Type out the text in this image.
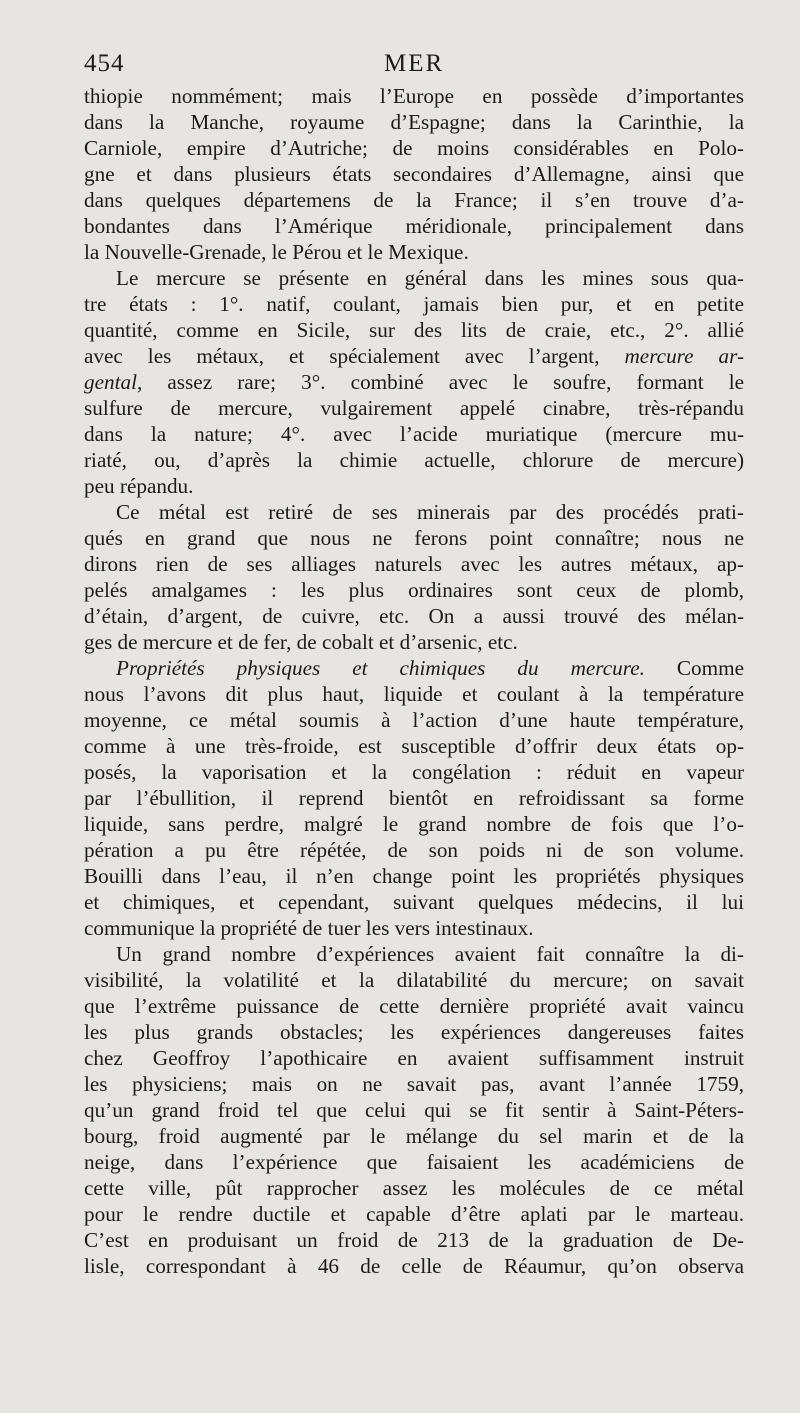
454	MER
thiopie nommément; mais l’Europe en possède d’importantes
dans la Manche, royaume d’Espagne; dans la Carinthie, la
Carniole, empire d’Autriche; de moins considérables en Polo-
gne et dans plusieurs états secondaires d’Allemagne, ainsi que
dans quelques départemens de la France; il s’en trouve d’a-
bondantes dans l’Amérique méridionale, principalement dans
la Nouvelle-Grenade, le Pérou et le Mexique.
Le mercure se présente en général dans les mines sous qua-
tre états : 1°. natif, coulant, jamais bien pur, et en petite
quantité, comme en Sicile, sur des lits de craie, etc., 2°. allié
avec les métaux, et spécialement avec l’argent, mercure ar-
gental, assez rare; 3°. combiné avec le soufre, formant le
sulfure de mercure, vulgairement appelé cinabre, très-répandu
dans la nature; 4°. avec l’acide muriatique (mercure mu-
riaté, ou, d’après la chimie actuelle, chlorure de mercure)
peu répandu.
Ce métal est retiré de ses minerais par des procédés prati-
qués en grand que nous ne ferons point connaître; nous ne
dirons rien de ses alliages naturels avec les autres métaux, ap-
pelés amalgames : les plus ordinaires sont ceux de plomb,
d’étain, d’argent, de cuivre, etc. On a aussi trouvé des mélan-
ges de mercure et de fer, de cobalt et d’arsenic, etc.
Propriétés physiques et chimiques du mercure. Comme
nous l’avons dit plus haut, liquide et coulant à la température
moyenne, ce métal soumis à l’action d’une haute température,
comme à une très-froide, est susceptible d’offrir deux états op-
posés, la vaporisation et la congélation : réduit en vapeur
par l’ébullition, il reprend bientôt en refroidissant sa forme
liquide, sans perdre, malgré le grand nombre de fois que l’o-
pération a pu être répétée, de son poids ni de son volume.
Bouilli dans l’eau, il n’en change point les propriétés physiques
et chimiques, et cependant, suivant quelques médecins, il lui
communique la propriété de tuer les vers intestinaux.
Un grand nombre d’expériences avaient fait connaître la di-
visibilité, la volatilité et la dilatabilité du mercure; on savait
que l’extrême puissance de cette dernière propriété avait vaincu
les plus grands obstacles; les expériences dangereuses faites
chez Geoffroy l’apothicaire en avaient suffisamment instruit
les physiciens; mais on ne savait pas, avant l’année 1759,
qu’un grand froid tel que celui qui se fit sentir à Saint-Péters-
bourg, froid augmenté par le mélange du sel marin et de la
neige, dans l’expérience que faisaient les académiciens de
cette ville, pût rapprocher assez les molécules de ce métal
pour le rendre ductile et capable d’être aplati par le marteau.
C’est en produisant un froid de 213 de la graduation de De-
lisle, correspondant à 46 de celle de Réaumur, qu’on observa
